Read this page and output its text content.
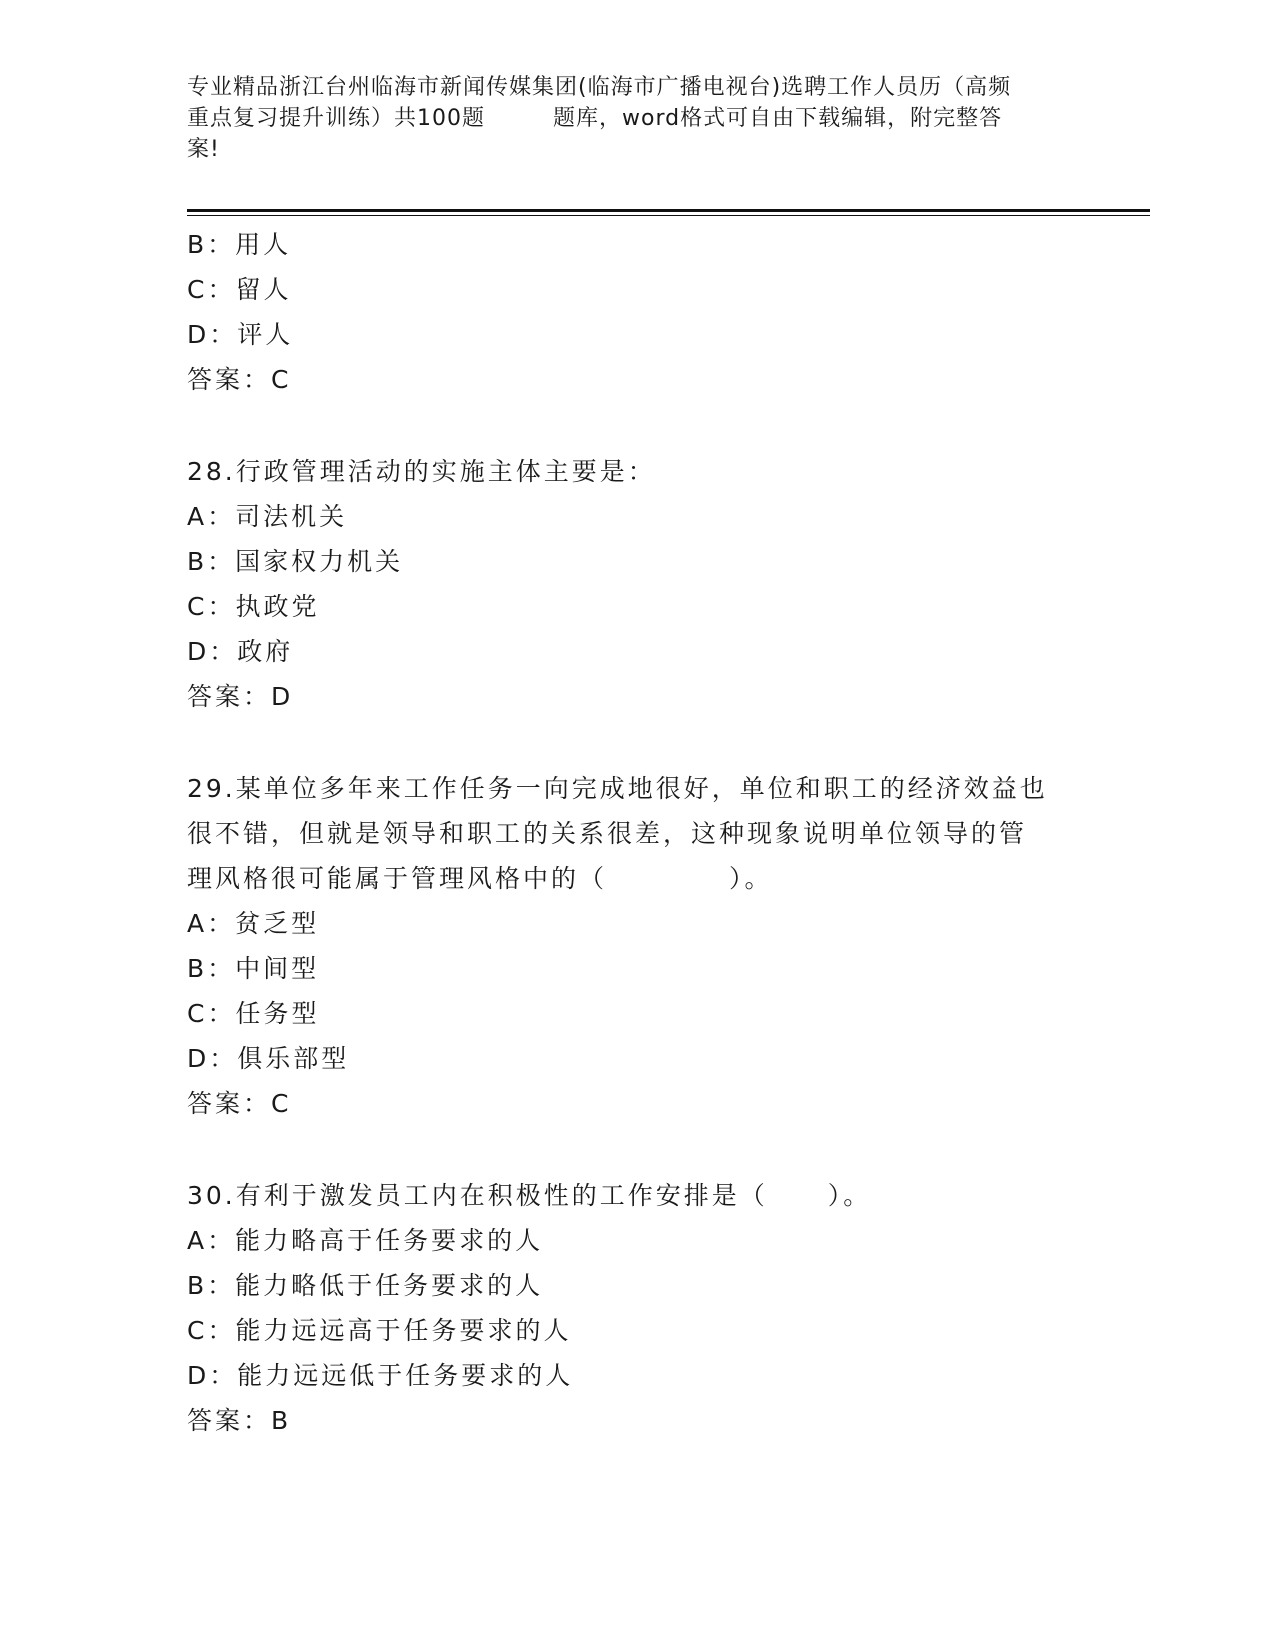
专业精品浙江台州临海市新闻传媒集团(临海市广播电视台)选聘工作人员历（高频
重点复习提升训练）共100题	题库，word格式可自由下载编辑，附完整答
案!
B：用人
C：留人
D：评人
答案：C
28.行政管理活动的实施主体主要是：
A：司法机关
B：国家权力机关
C：执政党
D：政府
答案：D
29.某单位多年来工作任务一向完成地很好，单位和职工的经济效益也
很不错，但就是领导和职工的关系很差，这种现象说明单位领导的管
理风格很可能属于管理风格中的（	）。
A：贫乏型
B：中间型
C：任务型
D：俱乐部型
答案：C
30.有利于激发员工内在积极性的工作安排是（ ）。
A：能力略高于任务要求的人
B：能力略低于任务要求的人
C：能力远远高于任务要求的人
D：能力远远低于任务要求的人
答案：B
